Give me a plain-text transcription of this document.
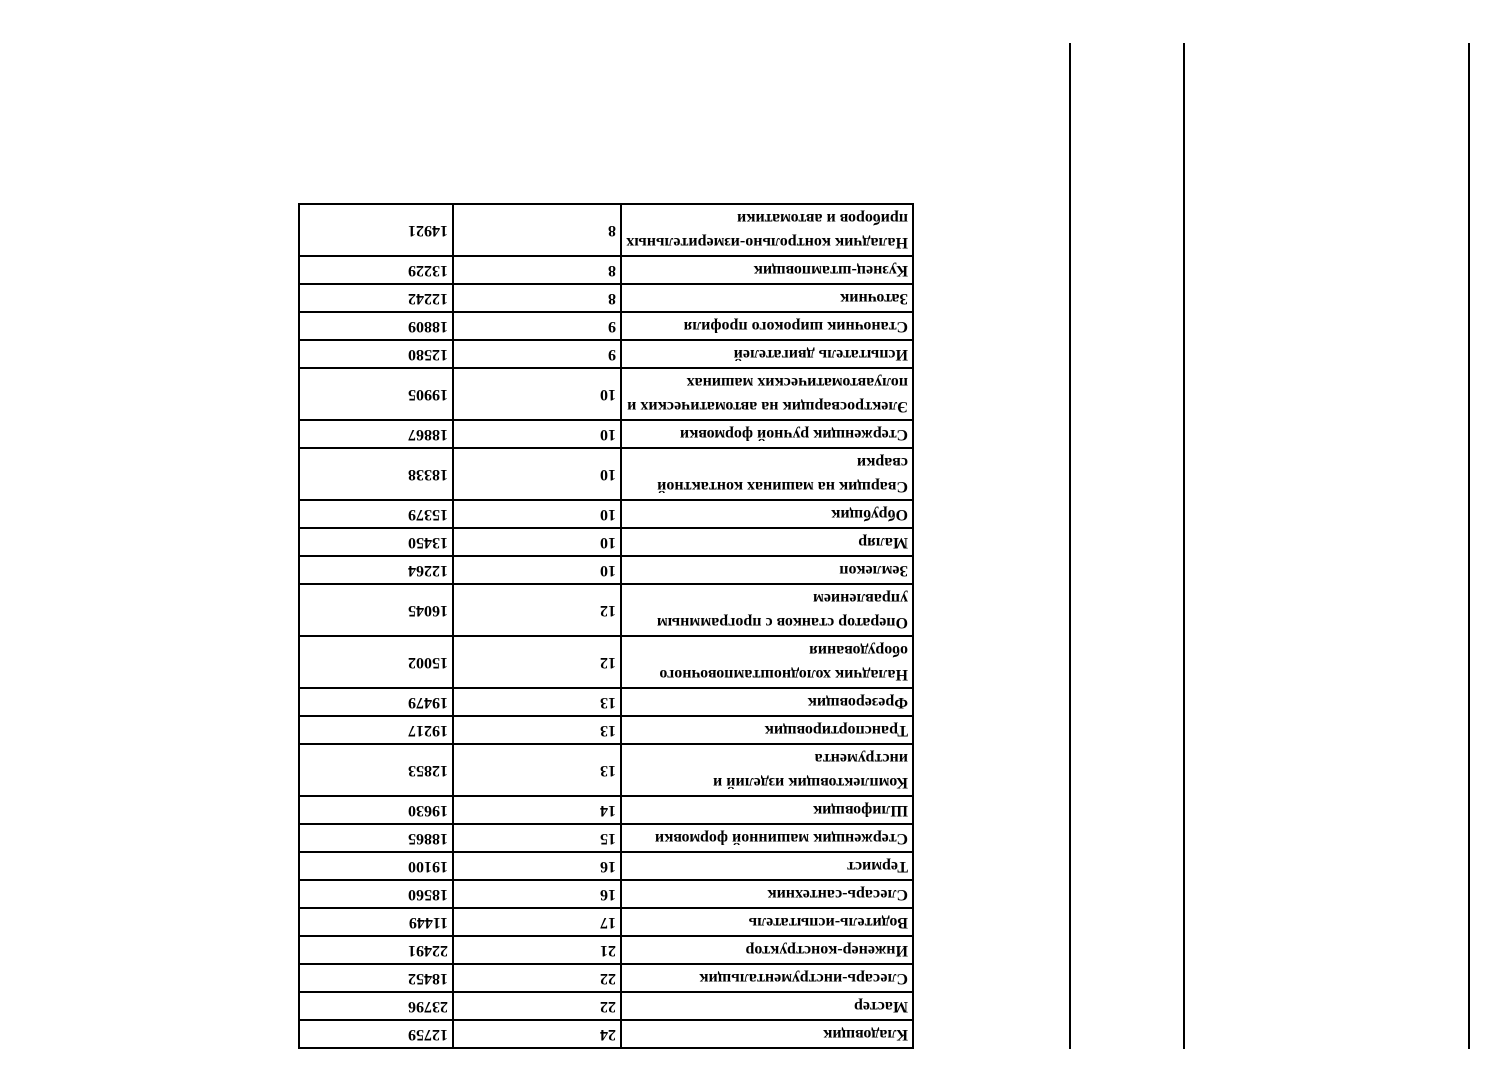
Кладовщик	24	12759
Мастер	22	23796
Слесарь-инструментальщик	22	18452
Инженер-конструктор	21	22491
Водитель-испытатель	17	11449
Слесарь-сантехник	16	18560
Термист	16	19100
Стерженщик машинной формовки	15	18865
Шлифовщик	14	19630
Комплектовщик изделий и инструмента	13	12853
Транспортировщик	13	19217
Фрезеровщик	13	19479
Наладчик холодноштамповочного оборудования	12	15002
Оператор станков с программным управлением	12	16045
Землекоп	10	12264
Маляр	10	13450
Обрубщик	10	15379
Сварщик на машинах контактной сварки	10	18338
Стерженщик ручной формовки	10	18867
Электросварщик на автоматических и полуавтоматических машинах	10	19905
Испытатель двигателей	9	12580
Станочник широкого профиля	9	18809
Заточник	8	12242
Кузнец-штамповщик	8	13229
Наладчик контрольно-измерительных приборов и автоматики	8	14921
